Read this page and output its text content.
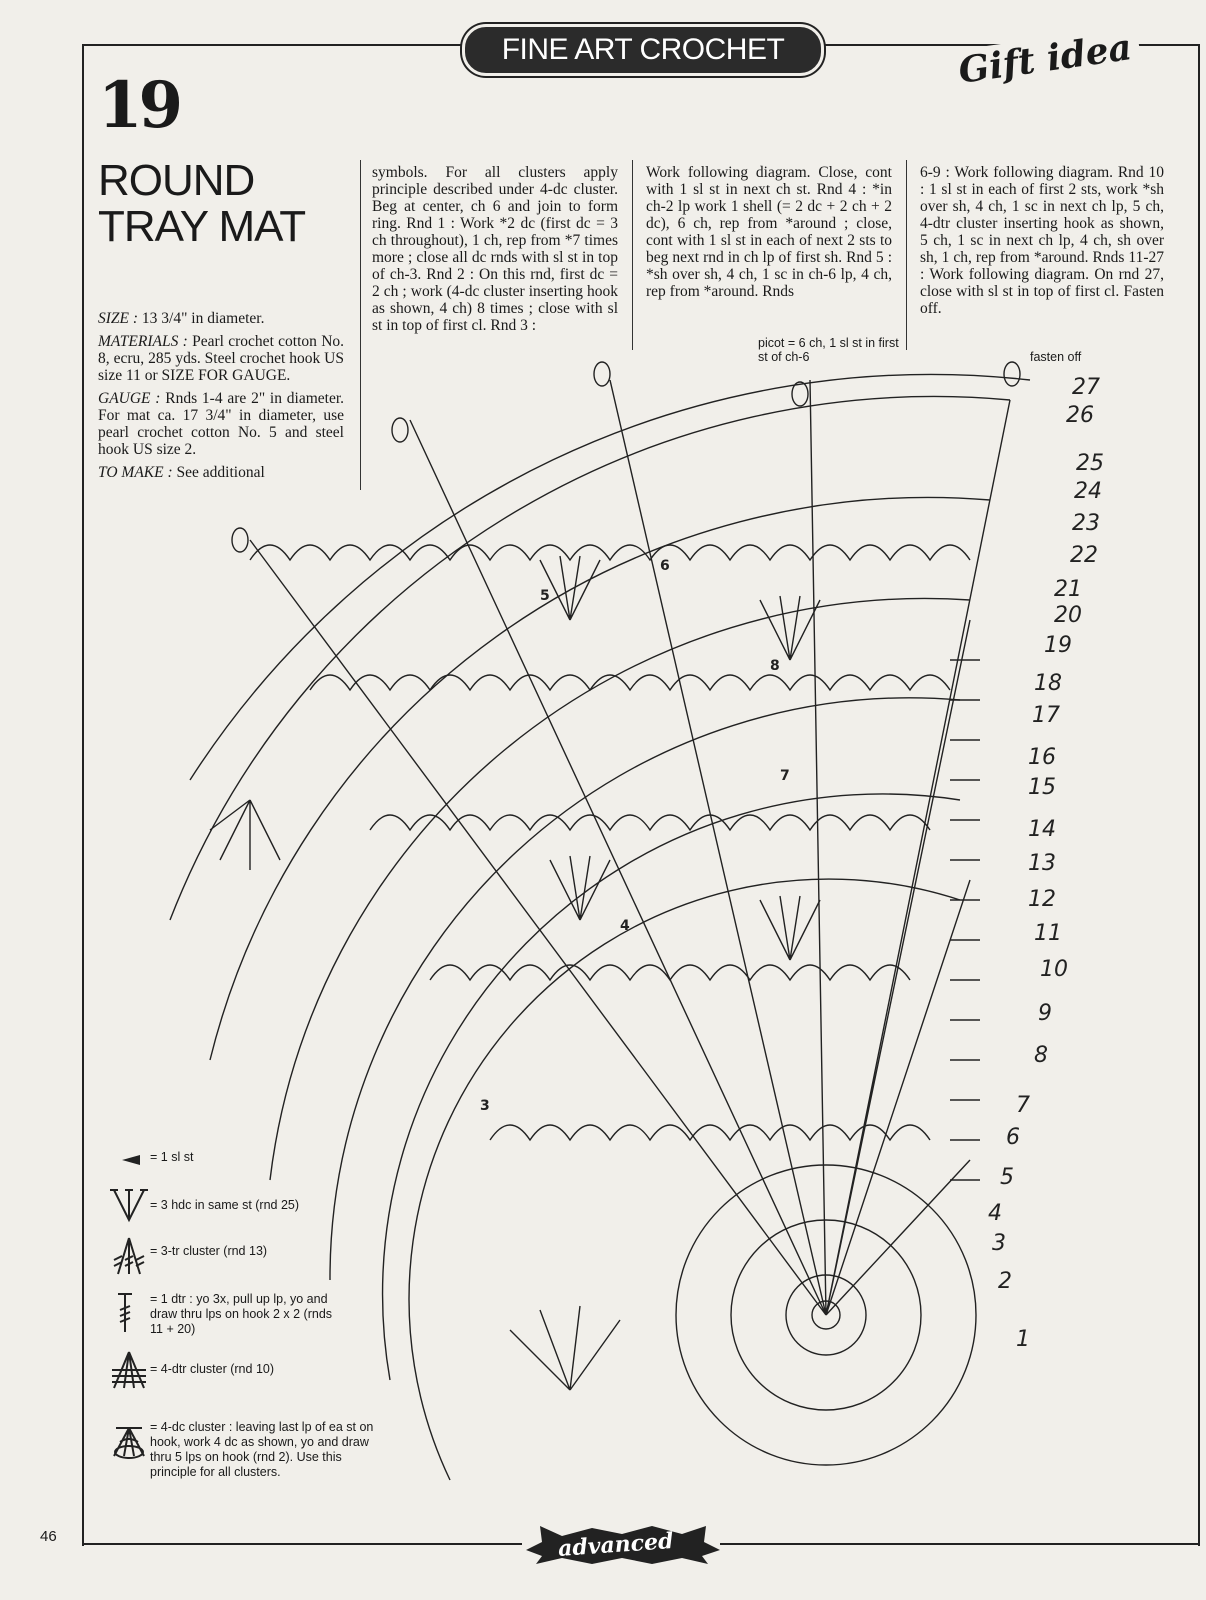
FINE ART CROCHET	Gift idea
19
ROUND
TRAY MAT

SIZE : 13 3/4" in diameter.

MATERIALS : Pearl crochet cotton No. 8, ecru, 285 yds. Steel crochet hook US size 11 or SIZE FOR GAUGE.

GAUGE : Rnds 1-4 are 2" in diameter. For mat ca. 17 3/4" in diameter, use pearl crochet cotton No. 5 and steel hook US size 2.

TO MAKE : See additional

symbols. For all clusters apply principle described under 4-dc cluster. Beg at center, ch 6 and join to form ring. Rnd 1 : Work *2 dc (first dc = 3 ch throughout), 1 ch, rep from *7 times more ; close all dc rnds with sl st in top of ch-3. Rnd 2 : On this rnd, first dc = 2 ch ; work (4-dc cluster inserting hook as shown, 4 ch) 8 times ; close with sl st in top of first cl. Rnd 3 :
Work following diagram. Close, cont with 1 sl st in next ch st. Rnd 4 : *in ch-2 lp work 1 shell (= 2 dc + 2 ch + 2 dc), 6 ch, rep from *around ; close, cont with 1 sl st in each of next 2 sts to beg next rnd in ch lp of first sh. Rnd 5 : *sh over sh, 4 ch, 1 sc in ch-6 lp, 4 ch, rep from *around. Rnds
6-9 : Work following diagram. Rnd 10 : 1 sl st in each of first 2 sts, work *sh over sh, 4 ch, 1 sc in next ch lp, 5 ch, 4-dtr cluster inserting hook as shown, 5 ch, 1 sc in next ch lp, 4 ch, sh over sh, 1 ch, rep from *around. Rnds 11-27 : Work following diagram. On rnd 27, close with sl st in top of first cl. Fasten off.
picot = 6 ch, 1 sl st in first st of ch-6	fasten off
27
26
25
24
23
22
21
20
19
18
17
16
15
14
13
12
11
10
9
8
7
6
5
4
3
2
1
3
4
5
6
7
8
= 1 sl st
= 3 hdc in same st (rnd 25)
= 3-tr cluster (rnd 13)
= 1 dtr : yo 3x, pull up lp, yo and draw thru lps on hook 2 x 2 (rnds 11 + 20)
= 4-dtr cluster (rnd 10)
= 4-dc cluster : leaving last lp of ea st on hook, work 4 dc as shown, yo and draw thru 5 lps on hook (rnd 2). Use this principle for all clusters.
46	advanced
